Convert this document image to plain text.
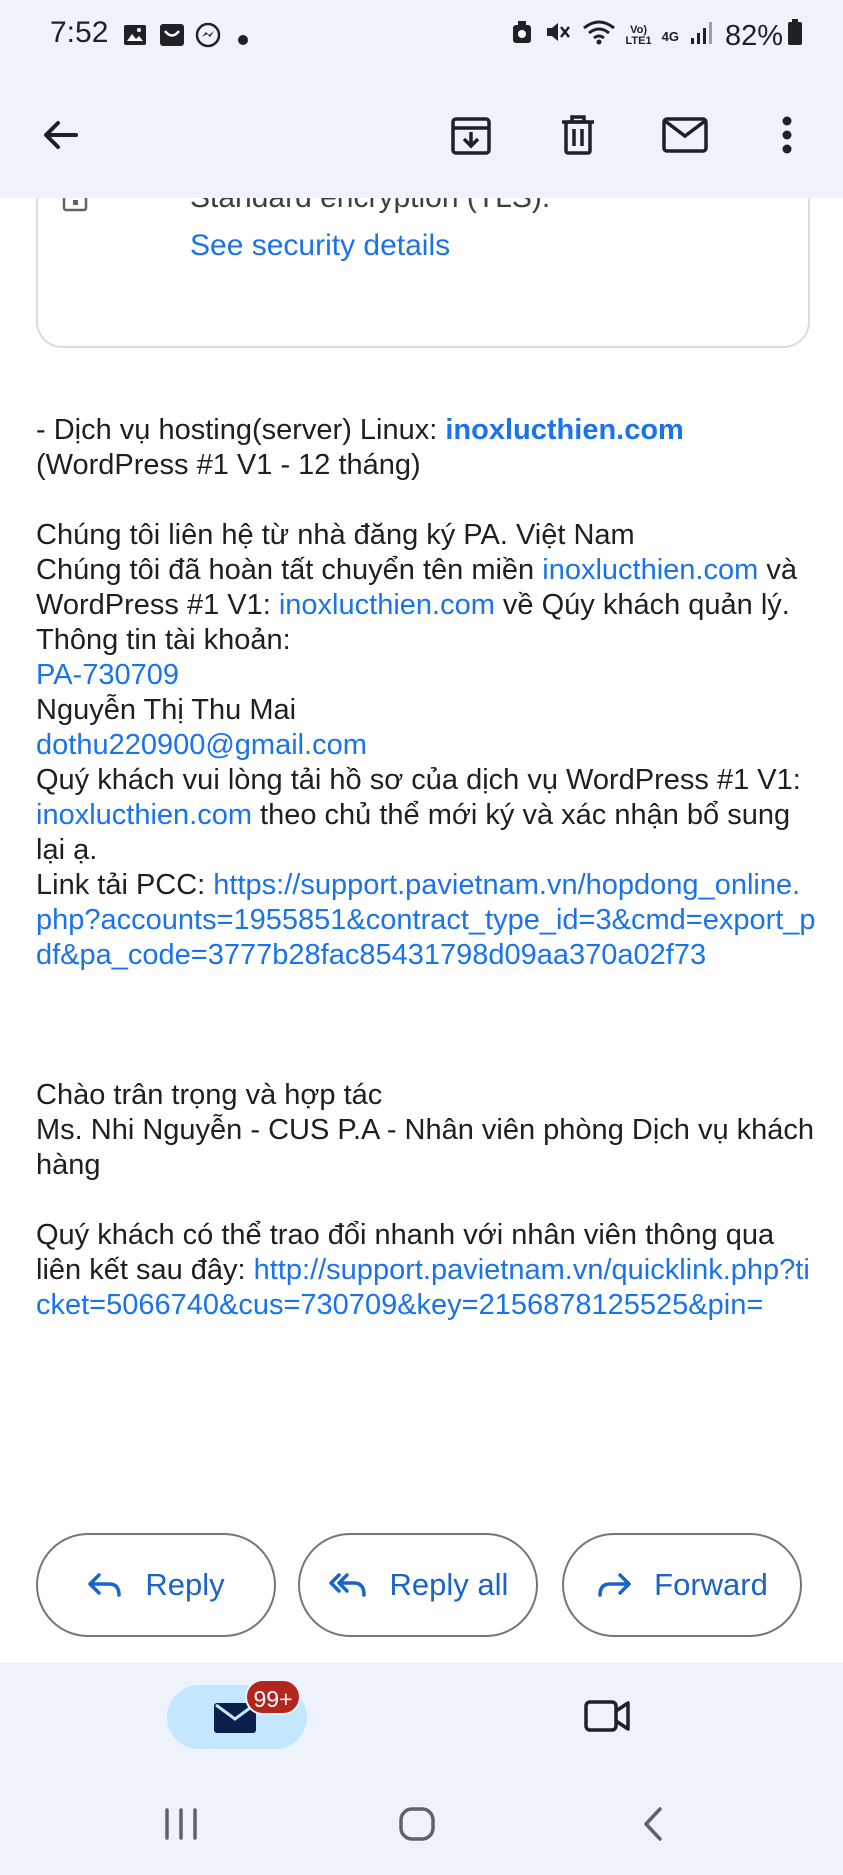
7:52	Vo)
LTE1 4G 82%
See security details

- Dịch vụ hosting(server) Linux: inoxlucthien.com

(WordPress #1 V1 - 12 tháng)

Chúng tôi liên hệ từ nhà đăng ký PA. Việt Nam

Chúng tôi đã hoàn tất chuyển tên miền inoxlucthien.com và WordPress #1 V1: inoxlucthien.com về Qúy khách quản lý.

Thông tin tài khoản:

PA-730709

Nguyễn Thị Thu Mai

dothu220900@gmail.com

Quý khách vui lòng tải hồ sơ của dịch vụ WordPress #1 V1: inoxlucthien.com theo chủ thể mới ký và xác nhận bổ sung lại ạ.

Link tải PCC: https://support.pavietnam.vn/hopdong_online.php?accounts=1955851&contract_type_id=3&cmd=export_pdf&pa_code=3777b28fac85431798d09aa370a02f73

Chào trân trọng và hợp tác

Ms. Nhi Nguyễn - CUS P.A - Nhân viên phòng Dịch vụ khách hàng

Quý khách có thể trao đổi nhanh với nhân viên thông qua liên kết sau đây: http://support.pavietnam.vn/quicklink.php?ticket=5066740&cus=730709&key=2156878125525&pin=

Reply	Reply all	Forward
99+
